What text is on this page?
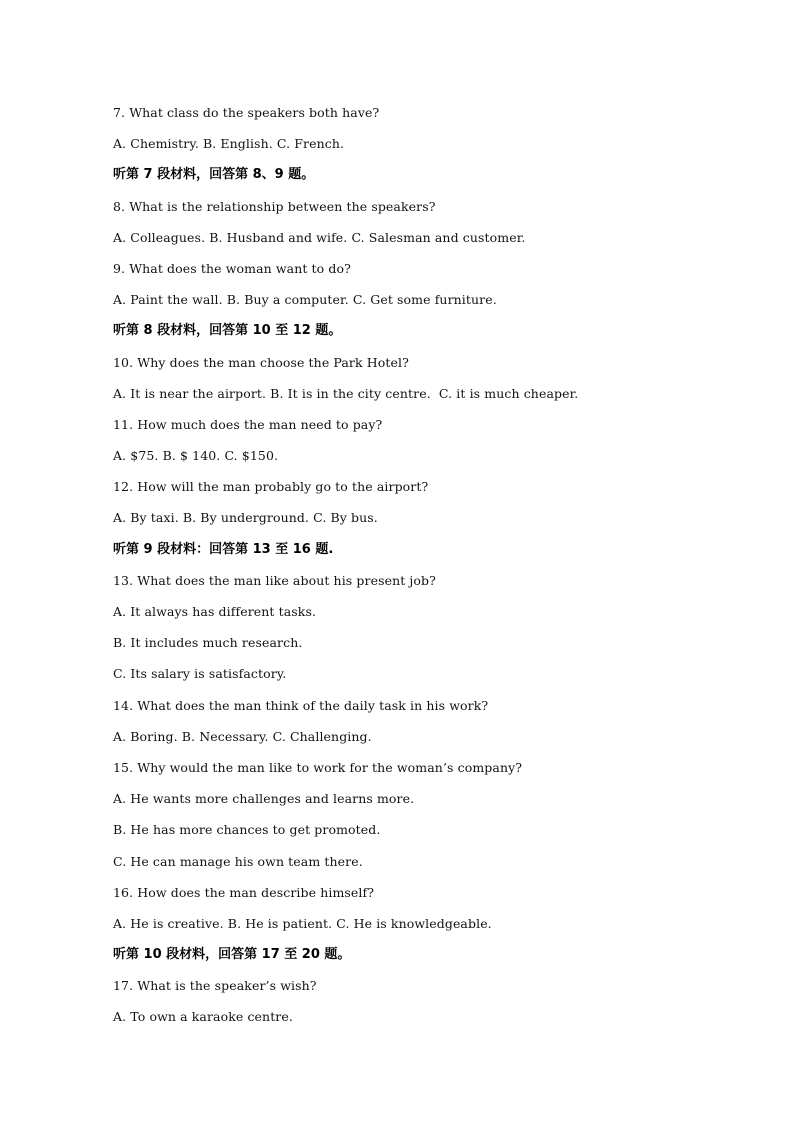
7. What class do the speakers both have?
A. Chemistry. B. English. C. French.
听第 7 段材料，回答第 8、9 题。
8. What is the relationship between the speakers?
A. Colleagues. B. Husband and wife. C. Salesman and customer.
9. What does the woman want to do?
A. Paint the wall. B. Buy a computer. C. Get some furniture.
听第 8 段材料，回答第 10 至 12 题。
10. Why does the man choose the Park Hotel?
A. It is near the airport. B. It is in the city centre.  C. it is much cheaper.
11. How much does the man need to pay?
A. $75. B. $ 140. C. $150.
12. How will the man probably go to the airport?
A. By taxi. B. By underground. C. By bus.
听第 9 段材料：回答第 13 至 16 题.
13. What does the man like about his present job?
A. It always has different tasks.
B. It includes much research.
C. Its salary is satisfactory.
14. What does the man think of the daily task in his work?
A. Boring. B. Necessary. C. Challenging.
15. Why would the man like to work for the woman’s company?
A. He wants more challenges and learns more.
B. He has more chances to get promoted.
C. He can manage his own team there.
16. How does the man describe himself?
A. He is creative. B. He is patient. C. He is knowledgeable.
听第 10 段材料，回答第 17 至 20 题。
17. What is the speaker’s wish?
A. To own a karaoke centre.
